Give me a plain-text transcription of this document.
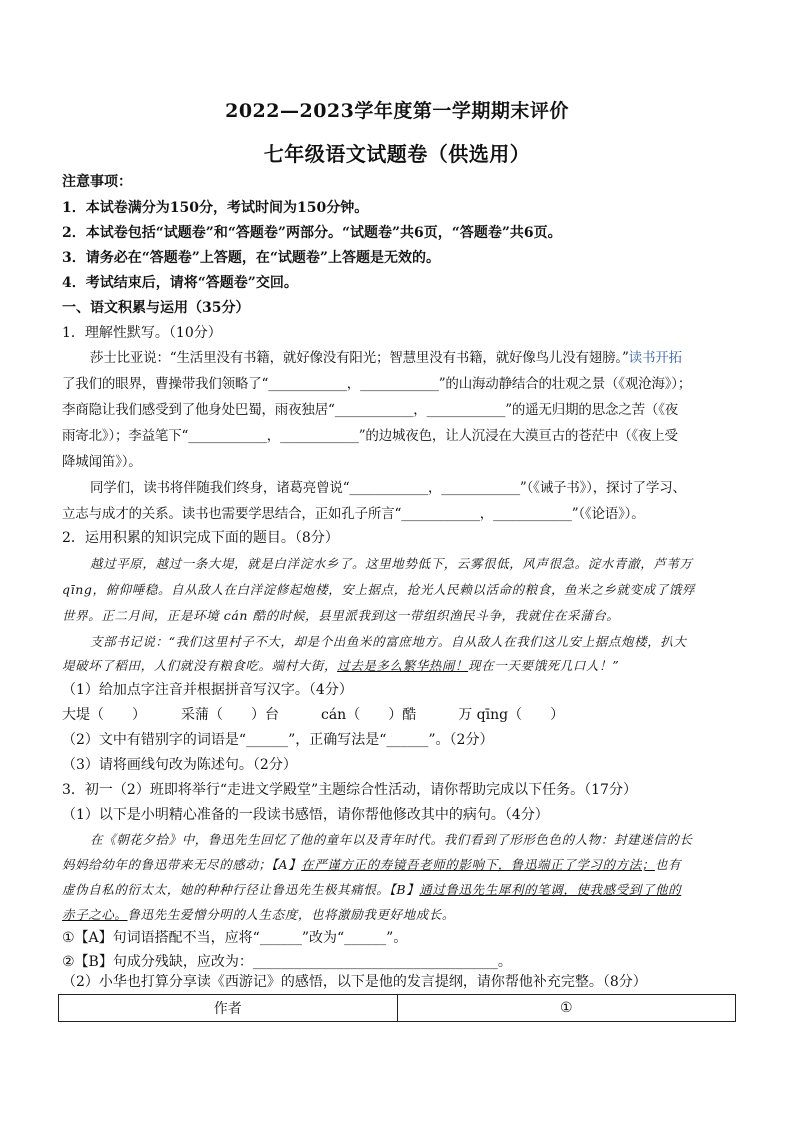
2022—2023学年度第一学期期末评价
七年级语文试题卷（供选用）
注意事项：
1．本试卷满分为150分，考试时间为150分钟。
2．本试卷包括“试题卷”和“答题卷”两部分。“试题卷”共6页，“答题卷”共6页。
3．请务必在“答题卷”上答题，在“试题卷”上答题是无效的。
4．考试结束后，请将“答题卷”交回。
一、语文积累与运用（35分）
1．理解性默写。（10分）
莎士比亚说：“生活里没有书籍，就好像没有阳光；智慧里没有书籍，就好像鸟儿没有翅膀。”读书开拓
了我们的眼界，曹操带我们领略了“____________，____________”的山海动静结合的壮观之景（《观沧海》）；
李商隐让我们感受到了他身处巴蜀，雨夜独居“____________，____________”的遥无归期的思念之苦（《夜
雨寄北》）；李益笔下“____________，____________”的边城夜色，让人沉浸在大漠亘古的苍茫中（《夜上受
降城闻笛》）。
同学们，读书将伴随我们终身，诸葛亮曾说“____________，____________”（《诫子书》），探讨了学习、
立志与成才的关系。读书也需要学思结合，正如孔子所言“____________，____________”（《论语》）。
2．运用积累的知识完成下面的题目。（8分）
越过平原，越过一条大堤，就是白洋淀水乡了。这里地势低下，云雾很低，风声很急。淀水青澈，芦苇万
qīng，俯仰唾稳。自从敌人在白洋淀修起炮楼，安上据点，抢光人民赖以活命的粮食，鱼米之乡就变成了饿殍
世界。正二月间，正是环境 cán 酷的时候，县里派我到这一带组织渔民斗争，我就住在采蒲台。
支部书记说：“我们这里村子不大，却是个出鱼米的富庶地方。自从敌人在我们这儿安上据点炮楼，扒大
堤破坏了稻田，人们就没有粮食吃。端村大街，过去是多么繁华热闹！现在一天要饿死几口人！”
（1）给加点字注音并根据拼音写汉字。（4分）
大堤（　　）　　　采蒲（　　）台　　　cán（　　）酷　　　万 qīng（　　）
（2）文中有错别字的词语是“______”，正确写法是“______”。（2分）
（3）请将画线句改为陈述句。（2分）
3．初一（2）班即将举行“走进文学殿堂”主题综合性活动，请你帮助完成以下任务。（17分）
（1）以下是小明精心准备的一段读书感悟，请你帮他修改其中的病句。（4分）
在《朝花夕拾》中，鲁迅先生回忆了他的童年以及青年时代。我们看到了形形色色的人物：封建迷信的长
妈妈给幼年的鲁迅带来无尽的感动；【A】在严谨方正的寿镜吾老师的影响下，鲁迅端正了学习的方法；也有
虚伪自私的衍太太，她的种种行径让鲁迅先生极其痛恨。【B】通过鲁迅先生犀利的笔调，使我感受到了他的
赤子之心。鲁迅先生爱憎分明的人生态度，也将激励我更好地成长。
①【A】句词语搭配不当，应将“______”改为“______”。
②【B】句成分残缺，应改为：___________________________________。
（2）小华也打算分享读《西游记》的感悟，以下是他的发言提纲，请你帮他补充完整。（8分）
作者	①
